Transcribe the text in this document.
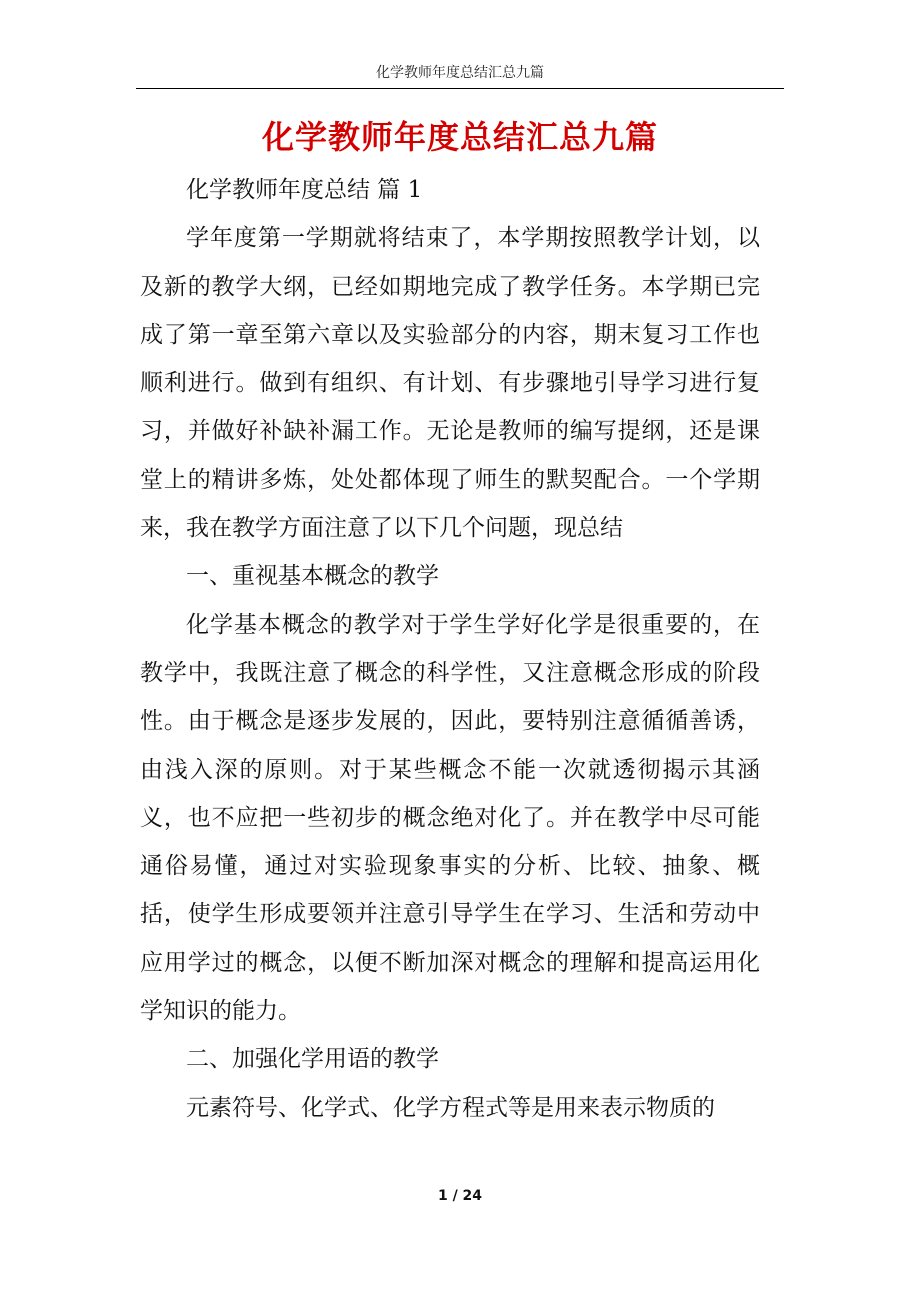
化学教师年度总结汇总九篇
化学教师年度总结汇总九篇

化学教师年度总结 篇 1

学年度第一学期就将结束了，本学期按照教学计划，以及新的教学大纲，已经如期地完成了教学任务。本学期已完成了第一章至第六章以及实验部分的内容，期末复习工作也顺利进行。做到有组织、有计划、有步骤地引导学习进行复习，并做好补缺补漏工作。无论是教师的编写提纲，还是课堂上的精讲多炼，处处都体现了师生的默契配合。一个学期来，我在教学方面注意了以下几个问题，现总结

一、重视基本概念的教学

化学基本概念的教学对于学生学好化学是很重要的，在教学中，我既注意了概念的科学性，又注意概念形成的阶段性。由于概念是逐步发展的，因此，要特别注意循循善诱，由浅入深的原则。对于某些概念不能一次就透彻揭示其涵义，也不应把一些初步的概念绝对化了。并在教学中尽可能通俗易懂，通过对实验现象事实的分析、比较、抽象、概括，使学生形成要领并注意引导学生在学习、生活和劳动中应用学过的概念，以便不断加深对概念的理解和提高运用化学知识的能力。

二、加强化学用语的教学

元素符号、化学式、化学方程式等是用来表示物质的

1 / 24
